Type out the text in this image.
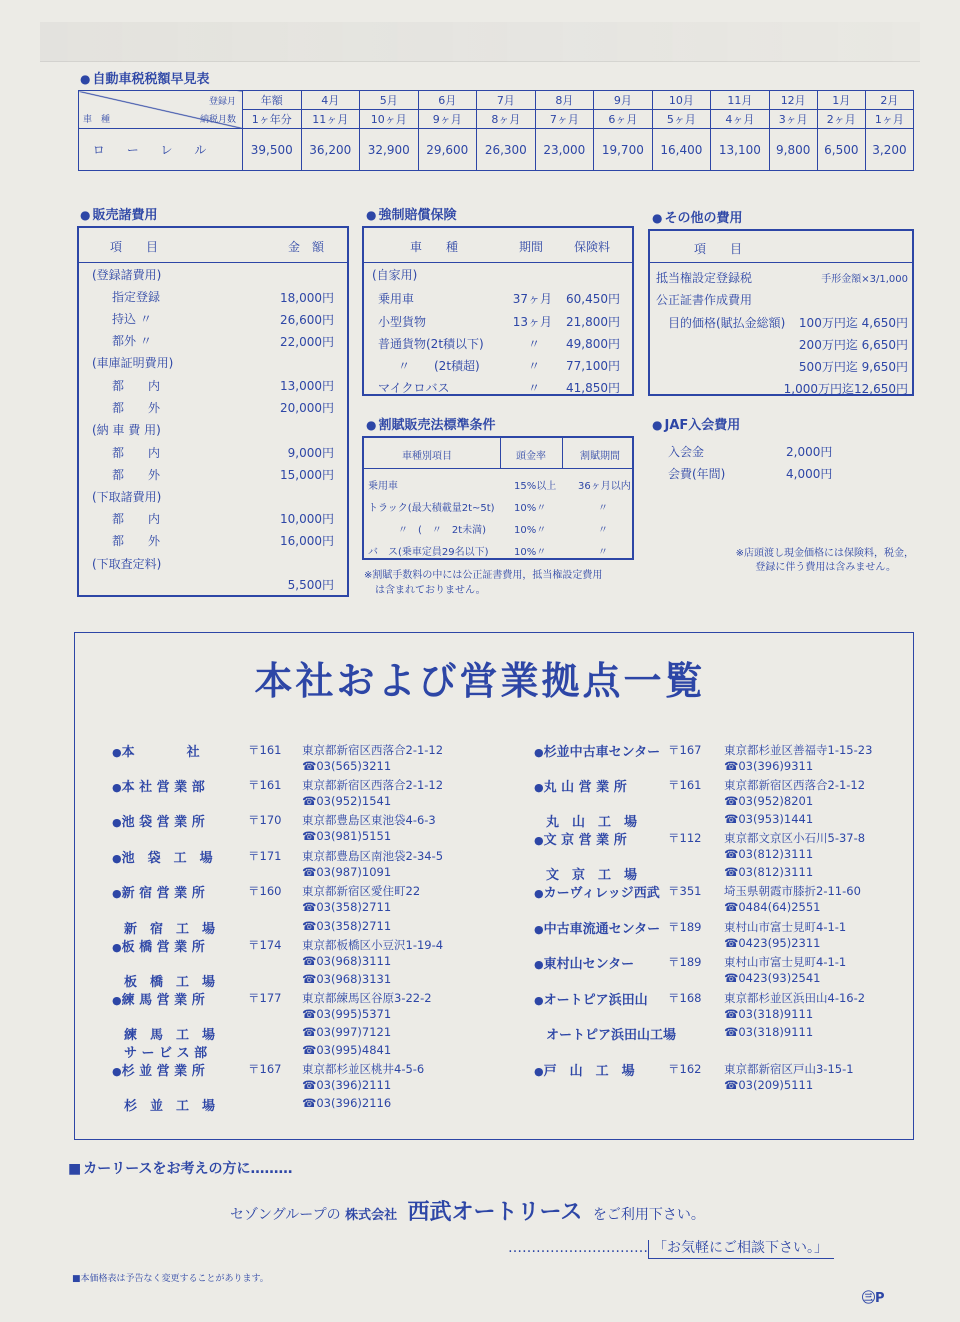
● 自動車税税額早見表
登録月
納税月数
車　種	年額	4月	5月	6月	7月	8月	9月	10月	11月	12月	1月	2月
	1ヶ年分	11ヶ月	10ヶ月	9ヶ月	8ヶ月	7ヶ月	6ヶ月	5ヶ月	4ヶ月	3ヶ月	2ヶ月	1ヶ月
ローレル	39,500	36,200	32,900	29,600	26,300	23,000	19,700	16,400	13,100	9,800	6,500	3,200
● 販売諸費用
項　　目	金　額
(登録諸費用)
指定登録	18,000円
持込 〃	26,600円
都外 〃	22,000円
(車庫証明費用)
都　　内	13,000円
都　　外	20,000円
(納 車 費 用)
都　　内	9,000円
都　　外	15,000円
(下取諸費用)
都　　内	10,000円
都　　外	16,000円
(下取査定料)
5,500円
● 強制賠償保険
車　　種	期間	保険料
(自家用)
乗用車	37ヶ月	60,450円
小型貨物	13ヶ月	21,800円
普通貨物(2t積以下)	〃	49,800円
〃　　(2t積超)	〃	77,100円
マイクロバス	〃	41,850円
● 割賦販売法標準条件
車種別項目	頭金率	割賦期間
乗用車	15%以上 36ヶ月以内
トラック(最大積載量2t~5t) 10%〃	〃
〃　(　〃　2t未満)	10%〃	〃
バ　ス(乗車定員29名以下)	10%〃	〃
※割賦手数料の中には公正証書費用，抵当権設定費用
は含まれておりません。
● その他の費用
項　　目
抵当権設定登録税	手形金額×3/1,000
公正証書作成費用
目的価格(賦払金総額)	100万円迄 4,650円
200万円迄 6,650円
500万円迄 9,650円
1,000万円迄12,650円
● JAF入会費用
入会金	2,000円
会費(年間)	4,000円
※店頭渡し現金価格には保険料，税金，
登録に伴う費用は含みません。
本社および営業拠点一覧
● 本　　　　社	〒161 東京都新宿区西落合2-1-12
☎03(565)3211
● 本 社 営 業 部	〒161 東京都新宿区西落合2-1-12
☎03(952)1541
● 池 袋 営 業 所	〒170 東京都豊島区東池袋4-6-3
☎03(981)5151
● 池　袋　工　場	〒171 東京都豊島区南池袋2-34-5
☎03(987)1091
● 新 宿 営 業 所	〒160 東京都新宿区愛住町22
☎03(358)2711
新　宿　工　場	☎03(358)2711
● 板 橋 営 業 所	〒174 東京都板橋区小豆沢1-19-4
☎03(968)3111
板　橋　工　場	☎03(968)3131
● 練 馬 営 業 所	〒177 東京都練馬区谷原3-22-2
☎03(995)5371
練　馬　工　場	☎03(997)7121
サ ー ビ ス 部	☎03(995)4841
● 杉 並 営 業 所	〒167 東京都杉並区桃井4-5-6
☎03(396)2111
杉　並　工　場	☎03(396)2116
● 杉並中古車センター 〒167 東京都杉並区善福寺1-15-23
☎03(396)9311
● 丸 山 営 業 所	〒161 東京都新宿区西落合2-1-12
☎03(952)8201
丸　山　工　場	☎03(953)1441
● 文 京 営 業 所	〒112 東京都文京区小石川5-37-8
☎03(812)3111
文　京　工　場	☎03(812)3111
● カーヴィレッジ西武 〒351 埼玉県朝霞市膝折2-11-60
☎0484(64)2551
● 中古車流通センター 〒189 東村山市富士見町4-1-1
☎0423(95)2311
● 東村山センター	〒189 東村山市富士見町4-1-1
☎0423(93)2541
● オートピア浜田山 〒168 東京都杉並区浜田山4-16-2
☎03(318)9111
オートピア浜田山工場	☎03(318)9111
● 戸　山　工　場	〒162 東京都新宿区戸山3-15-1
☎03(209)5111
■ カーリースをお考えの方に………
セゾングループの 株式会社 西武オートリース をご利用下さい。
………………………… 「お気軽にご相談下さい。」
■ 本価格表は予告なく変更することがあります。
㊂P
